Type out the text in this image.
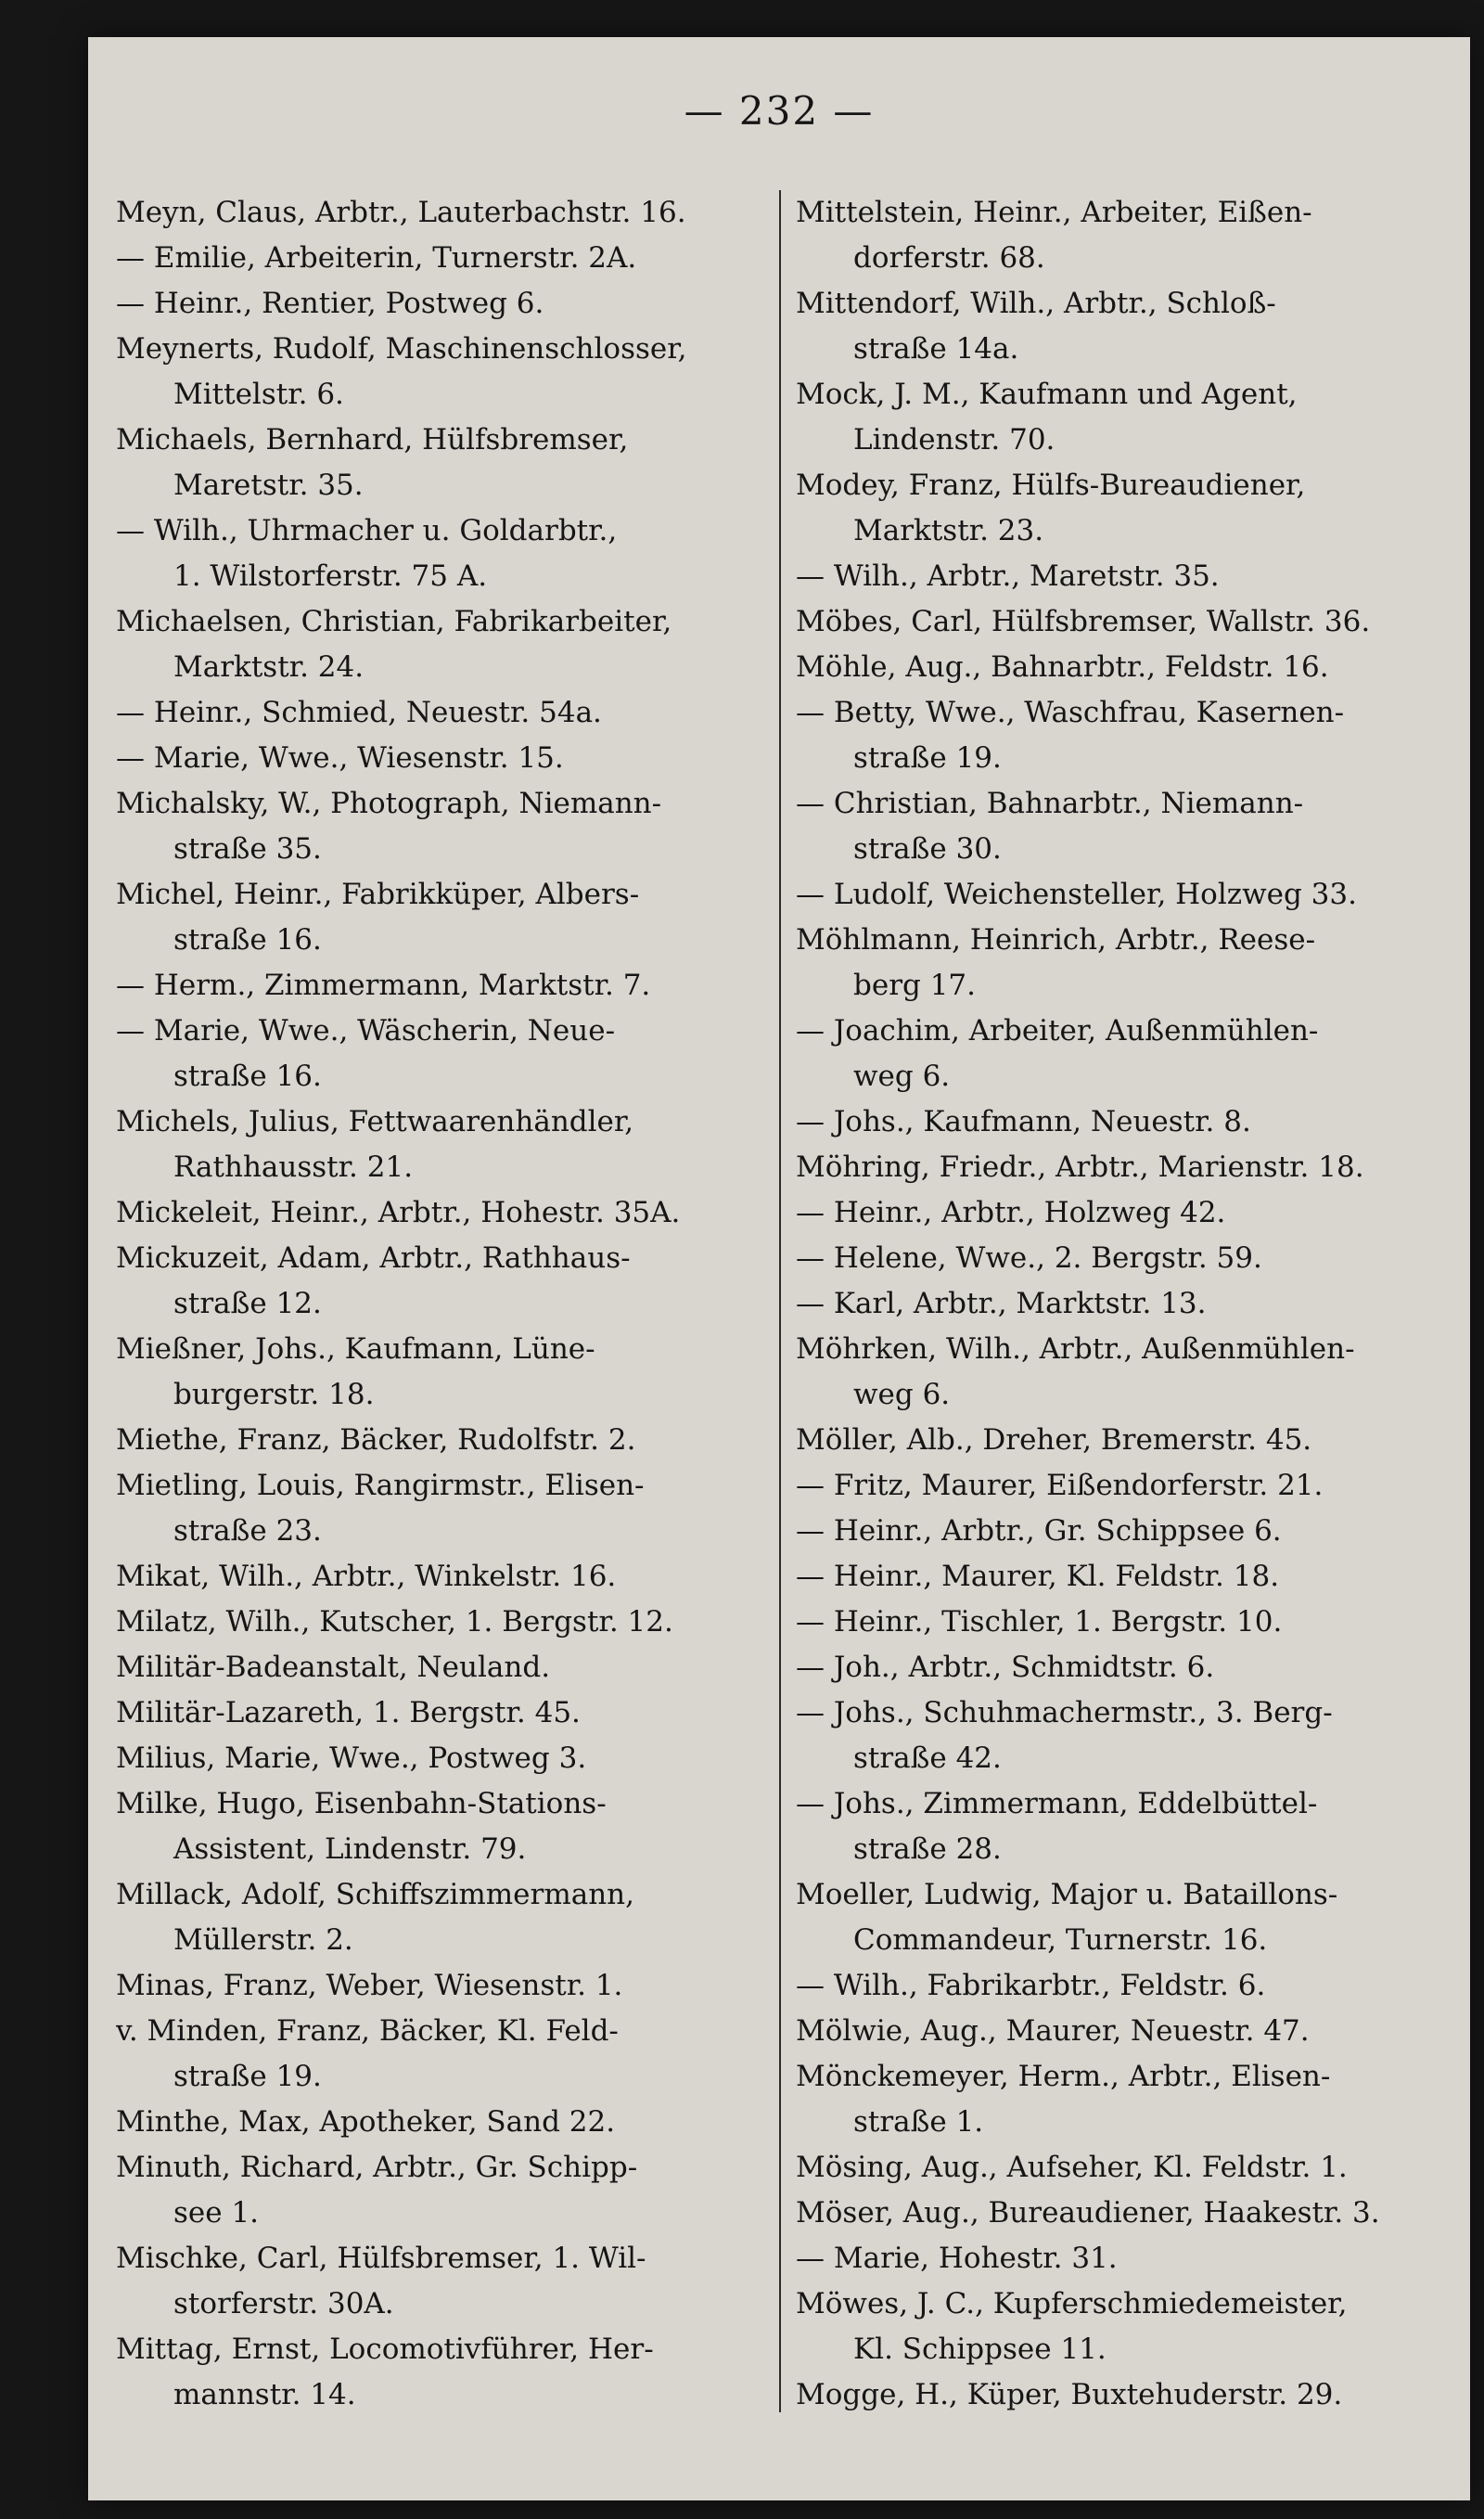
— 232 —
Meyn, Claus, Arbtr., Lauterbachstr. 16.
— Emilie, Arbeiterin, Turnerstr. 2A.
— Heinr., Rentier, Postweg 6.
Meynerts, Rudolf, Maschinenschlosser,
Mittelstr. 6.
Michaels, Bernhard, Hülfsbremser,
Maretstr. 35.
— Wilh., Uhrmacher u. Goldarbtr.,
1. Wilstorferstr. 75 A.
Michaelsen, Christian, Fabrikarbeiter,
Marktstr. 24.
— Heinr., Schmied, Neuestr. 54a.
— Marie, Wwe., Wiesenstr. 15.
Michalsky, W., Photograph, Niemann-
straße 35.
Michel, Heinr., Fabrikküper, Albers-
straße 16.
— Herm., Zimmermann, Marktstr. 7.
— Marie, Wwe., Wäscherin, Neue-
straße 16.
Michels, Julius, Fettwaarenhändler,
Rathhausstr. 21.
Mickeleit, Heinr., Arbtr., Hohestr. 35A.
Mickuzeit, Adam, Arbtr., Rathhaus-
straße 12.
Mießner, Johs., Kaufmann, Lüne-
burgerstr. 18.
Miethe, Franz, Bäcker, Rudolfstr. 2.
Mietling, Louis, Rangirmstr., Elisen-
straße 23.
Mikat, Wilh., Arbtr., Winkelstr. 16.
Milatz, Wilh., Kutscher, 1. Bergstr. 12.
Militär-Badeanstalt, Neuland.
Militär-Lazareth, 1. Bergstr. 45.
Milius, Marie, Wwe., Postweg 3.
Milke, Hugo, Eisenbahn-Stations-
Assistent, Lindenstr. 79.
Millack, Adolf, Schiffszimmermann,
Müllerstr. 2.
Minas, Franz, Weber, Wiesenstr. 1.
v. Minden, Franz, Bäcker, Kl. Feld-
straße 19.
Minthe, Max, Apotheker, Sand 22.
Minuth, Richard, Arbtr., Gr. Schipp-
see 1.
Mischke, Carl, Hülfsbremser, 1. Wil-
storferstr. 30A.
Mittag, Ernst, Locomotivführer, Her-
mannstr. 14.
Mittelstein, Heinr., Arbeiter, Eißen-
dorferstr. 68.
Mittendorf, Wilh., Arbtr., Schloß-
straße 14a.
Mock, J. M., Kaufmann und Agent,
Lindenstr. 70.
Modey, Franz, Hülfs-Bureaudiener,
Marktstr. 23.
— Wilh., Arbtr., Maretstr. 35.
Möbes, Carl, Hülfsbremser, Wallstr. 36.
Möhle, Aug., Bahnarbtr., Feldstr. 16.
— Betty, Wwe., Waschfrau, Kasernen-
straße 19.
— Christian, Bahnarbtr., Niemann-
straße 30.
— Ludolf, Weichensteller, Holzweg 33.
Möhlmann, Heinrich, Arbtr., Reese-
berg 17.
— Joachim, Arbeiter, Außenmühlen-
weg 6.
— Johs., Kaufmann, Neuestr. 8.
Möhring, Friedr., Arbtr., Marienstr. 18.
— Heinr., Arbtr., Holzweg 42.
— Helene, Wwe., 2. Bergstr. 59.
— Karl, Arbtr., Marktstr. 13.
Möhrken, Wilh., Arbtr., Außenmühlen-
weg 6.
Möller, Alb., Dreher, Bremerstr. 45.
— Fritz, Maurer, Eißendorferstr. 21.
— Heinr., Arbtr., Gr. Schippsee 6.
— Heinr., Maurer, Kl. Feldstr. 18.
— Heinr., Tischler, 1. Bergstr. 10.
— Joh., Arbtr., Schmidtstr. 6.
— Johs., Schuhmachermstr., 3. Berg-
straße 42.
— Johs., Zimmermann, Eddelbüttel-
straße 28.
Moeller, Ludwig, Major u. Bataillons-
Commandeur, Turnerstr. 16.
— Wilh., Fabrikarbtr., Feldstr. 6.
Mölwie, Aug., Maurer, Neuestr. 47.
Mönckemeyer, Herm., Arbtr., Elisen-
straße 1.
Mösing, Aug., Aufseher, Kl. Feldstr. 1.
Möser, Aug., Bureaudiener, Haakestr. 3.
— Marie, Hohestr. 31.
Möwes, J. C., Kupferschmiedemeister,
Kl. Schippsee 11.
Mogge, H., Küper, Buxtehuderstr. 29.
